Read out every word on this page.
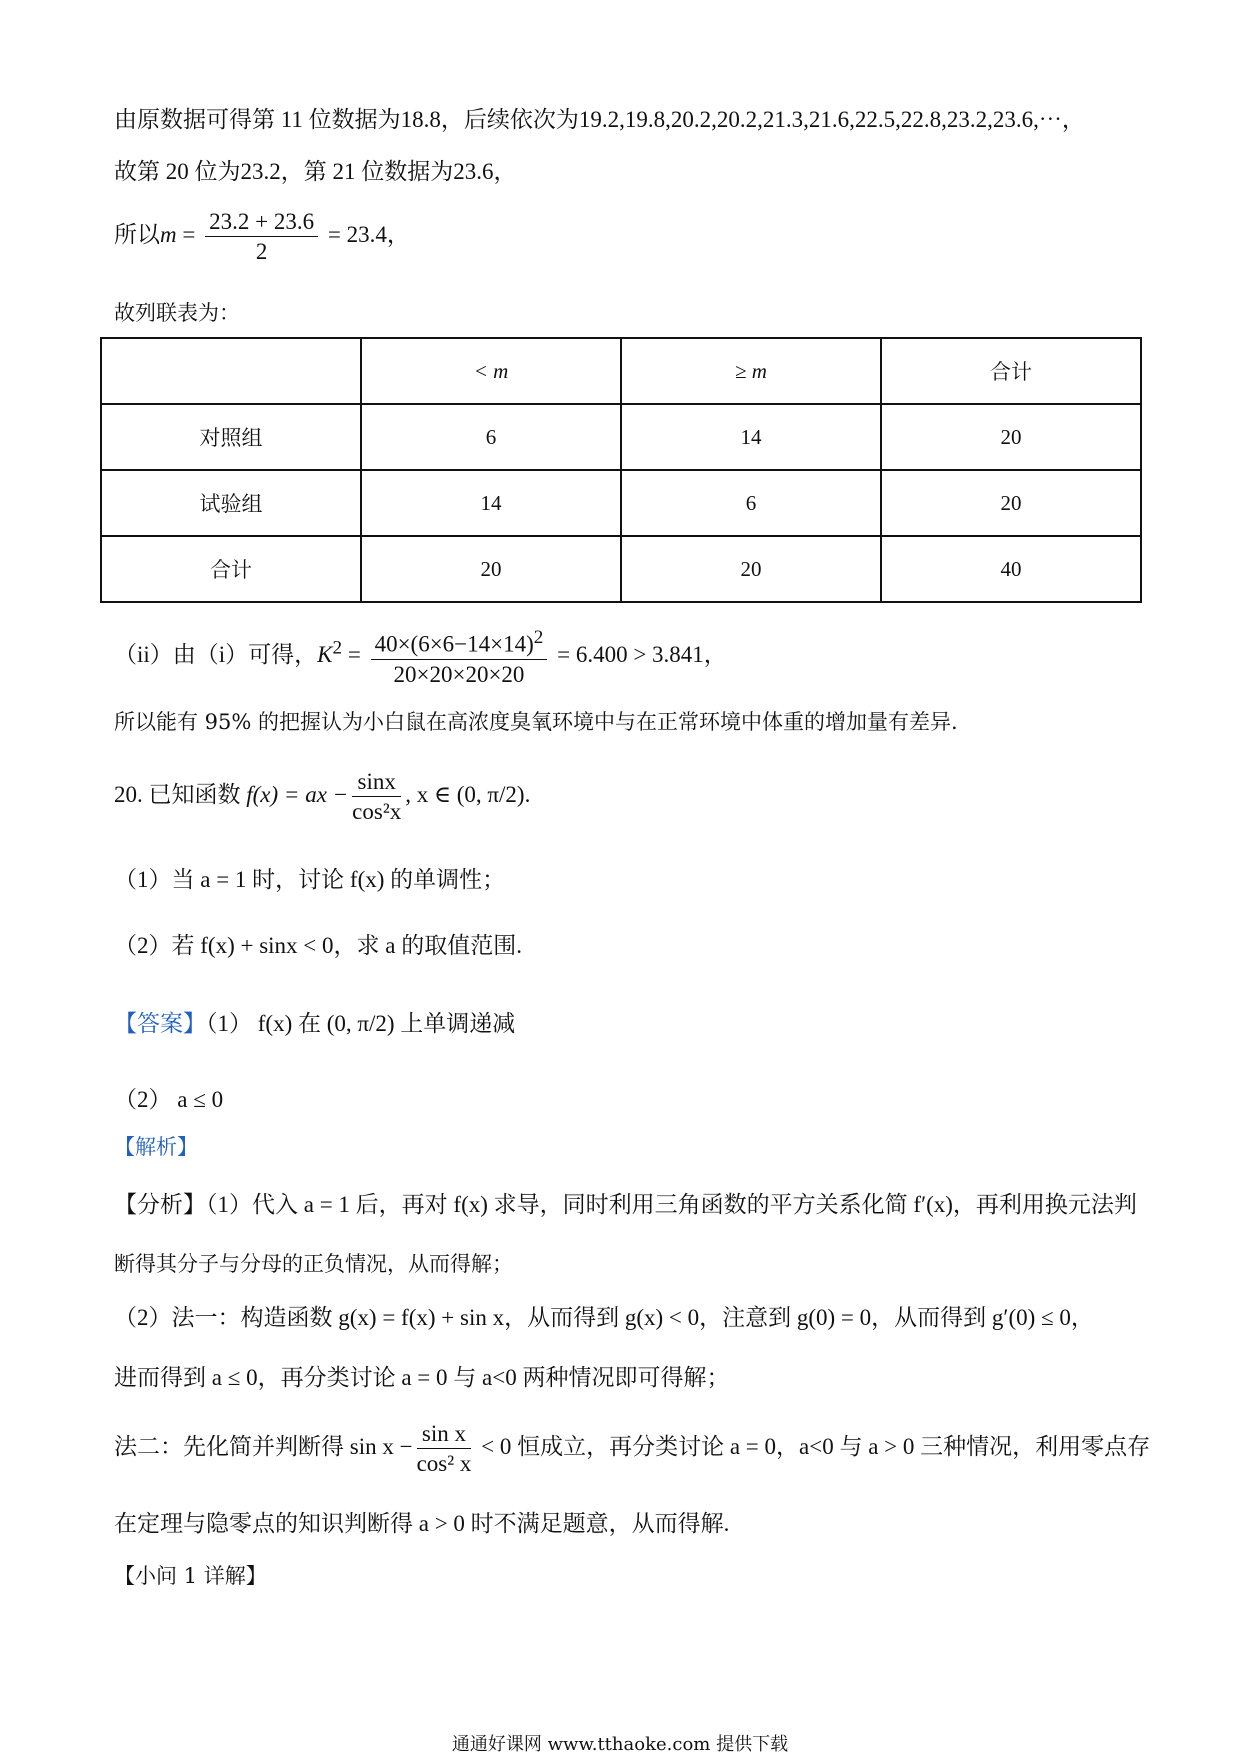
由原数据可得第 11 位数据为18.8，后续依次为19.2,19.8,20.2,20.2,21.3,21.6,22.5,22.8,23.2,23.6,⋯，
故第 20 位为23.2，第 21 位数据为23.6，
所以$m = \frac{23.2 + 23.6}{2} = 23.4$，
故列联表为：
	< m	≥ m	合计
对照组	6	14	20
试验组	14	6	20
合计	20	20	40
（ii）由（i）可得，$K^2 = \frac{40\times(6\times 6-14\times 14)^2}{20\times 20\times 20\times 20} = 6.400 > 3.841$，
所以能有 95% 的把握认为小白鼠在高浓度臭氧环境中与在正常环境中体重的增加量有差异.
20. 已知函数 f(x) = ax − $\frac{\sin x}{\text{cos²x}}$ , x ∈ (0, π/2).
（1）当 a = 1 时，讨论 f(x) 的单调性；
（2）若 f(x) + sinx < 0，求 a 的取值范围.
【答案】（1） f(x) 在 (0, π/2) 上单调递减
（2） a ≤ 0
【解析】
【分析】（1）代入 a = 1 后，再对 f(x) 求导，同时利用三角函数的平方关系化简 f′(x)，再利用换元法判
断得其分子与分母的正负情况，从而得解；
（2）法一：构造函数 g(x) = f(x) + sin x，从而得到 g(x) < 0，注意到 g(0) = 0，从而得到 g′(0) ≤ 0，
进而得到 a ≤ 0，再分类讨论 a = 0 与 a<0 两种情况即可得解；
法二：先化简并判断得 $\sin x - \frac{\text{sin x}}{\text{cos² x}} < 0$ 恒成立，再分类讨论 a = 0，a<0 与 a > 0 三种情况，利用零点存
在定理与隐零点的知识判断得 a > 0 时不满足题意，从而得解.
【小问 1 详解】
通通好课网 www.tthaoke.com 提供下载
